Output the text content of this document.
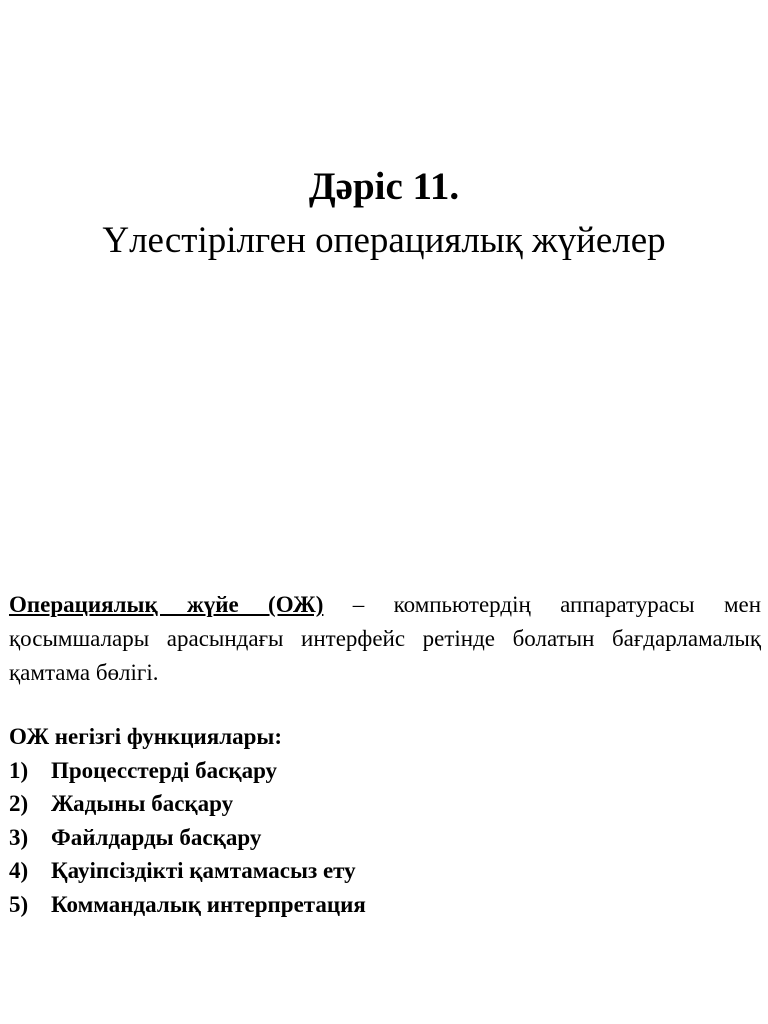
Дәріс 11.

Үлестірілген операциялық жүйелер

Операциялық жүйе (ОЖ) – компьютердің аппаратурасы мен қосымшалары арасындағы интерфейс ретінде болатын бағдарламалық қамтама бөлігі.

ОЖ негізгі функциялары:

1) Процесстерді басқару
2) Жадыны басқару
3) Файлдарды басқару
4) Қауіпсіздікті қамтамасыз ету
5) Коммандалық интерпретация
